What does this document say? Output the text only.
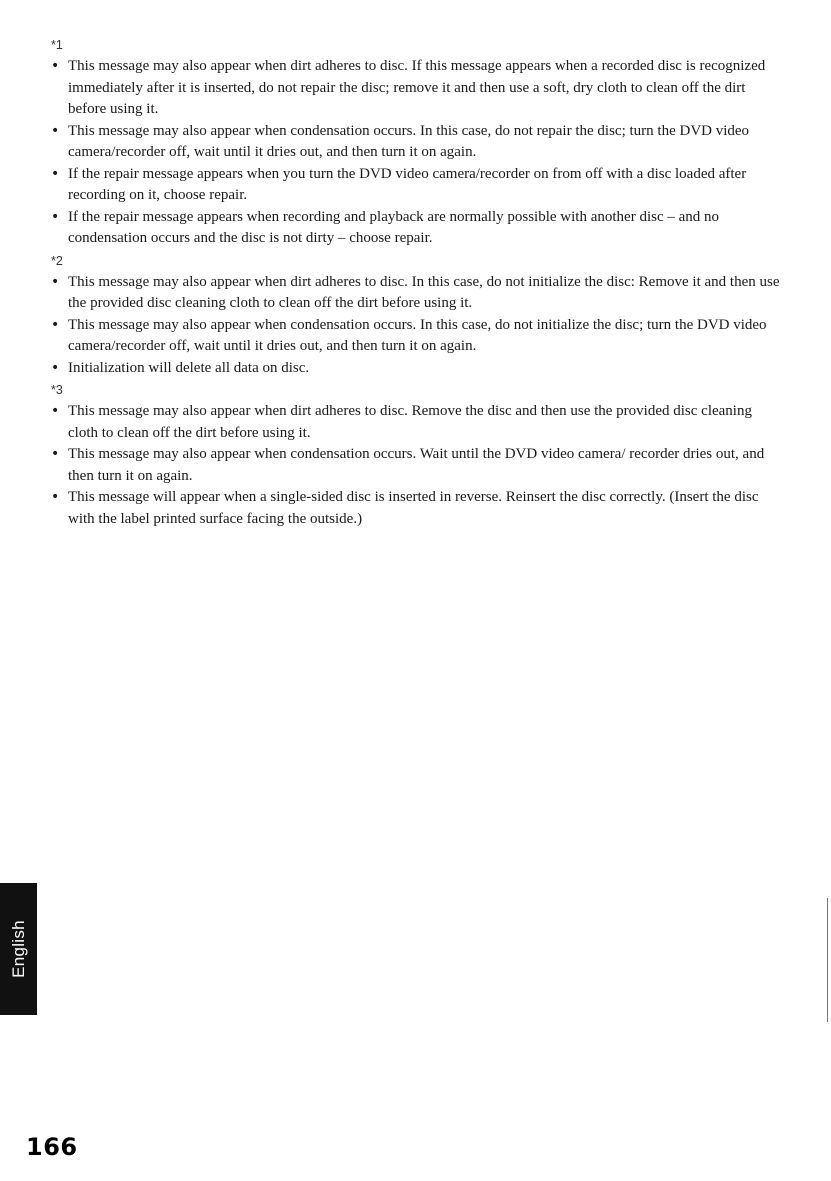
*1
• This message may also appear when dirt adheres to disc. If this message appears when a recorded disc is recognized immediately after it is inserted, do not repair the disc; remove it and then use a soft, dry cloth to clean off the dirt before using it.
• This message may also appear when condensation occurs. In this case, do not repair the disc; turn the DVD video camera/recorder off, wait until it dries out, and then turn it on again.
• If the repair message appears when you turn the DVD video camera/recorder on from off with a disc loaded after recording on it, choose repair.
• If the repair message appears when recording and playback are normally possible with another disc – and no condensation occurs and the disc is not dirty – choose repair.
*2
• This message may also appear when dirt adheres to disc. In this case, do not initialize the disc: Remove it and then use the provided disc cleaning cloth to clean off the dirt before using it.
• This message may also appear when condensation occurs. In this case, do not initialize the disc; turn the DVD video camera/recorder off, wait until it dries out, and then turn it on again.
• Initialization will delete all data on disc.
*3
• This message may also appear when dirt adheres to disc. Remove the disc and then use the provided disc cleaning cloth to clean off the dirt before using it.
• This message may also appear when condensation occurs. Wait until the DVD video camera/ recorder dries out, and then turn it on again.
• This message will appear when a single-sided disc is inserted in reverse. Reinsert the disc correctly. (Insert the disc with the label printed surface facing the outside.)
English
166
